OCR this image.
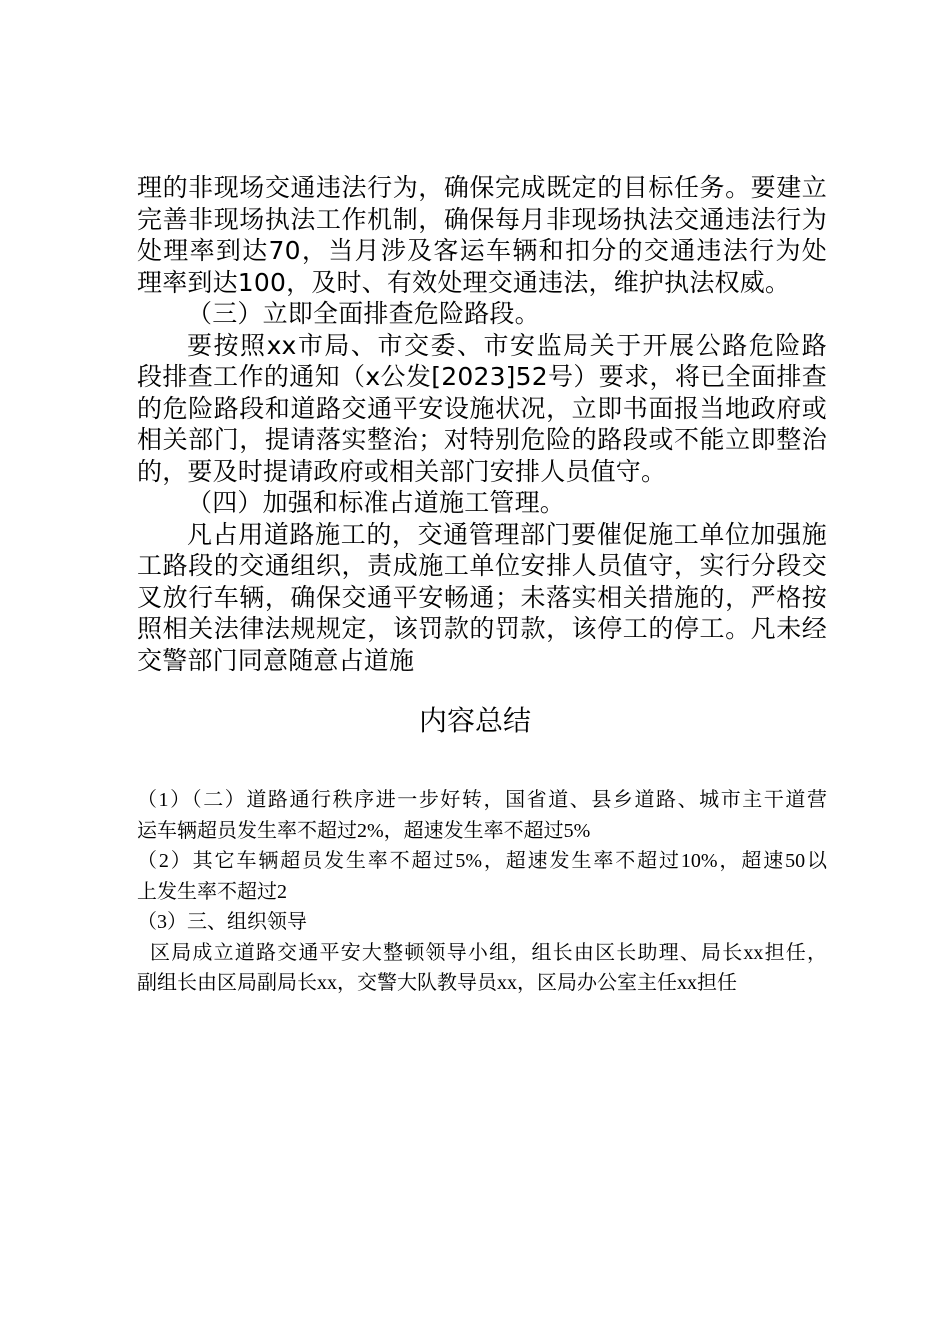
理的非现场交通违法行为，确保完成既定的目标任务。要建立
完善非现场执法工作机制，确保每月非现场执法交通违法行为
处理率到达70，当月涉及客运车辆和扣分的交通违法行为处
理率到达100，及时、有效处理交通违法，维护执法权威。
（三）立即全面排查危险路段。
要按照xx市局、市交委、市安监局关于开展公路危险路
段排查工作的通知（x公发[2023]52号）要求，将已全面排查
的危险路段和道路交通平安设施状况，立即书面报当地政府或
相关部门，提请落实整治；对特别危险的路段或不能立即整治
的，要及时提请政府或相关部门安排人员值守。
（四）加强和标准占道施工管理。
凡占用道路施工的，交通管理部门要催促施工单位加强施
工路段的交通组织，责成施工单位安排人员值守，实行分段交
叉放行车辆，确保交通平安畅通；未落实相关措施的，严格按
照相关法律法规规定，该罚款的罚款，该停工的停工。凡未经
交警部门同意随意占道施
内容总结
（1）（二）道路通行秩序进一步好转，国省道、县乡道路、城市主干道营
运车辆超员发生率不超过2%，超速发生率不超过5%
（2）其它车辆超员发生率不超过5%，超速发生率不超过10%，超速50以
上发生率不超过2
（3）三、组织领导
区局成立道路交通平安大整顿领导小组，组长由区长助理、局长xx担任，
副组长由区局副局长xx，交警大队教导员xx，区局办公室主任xx担任
